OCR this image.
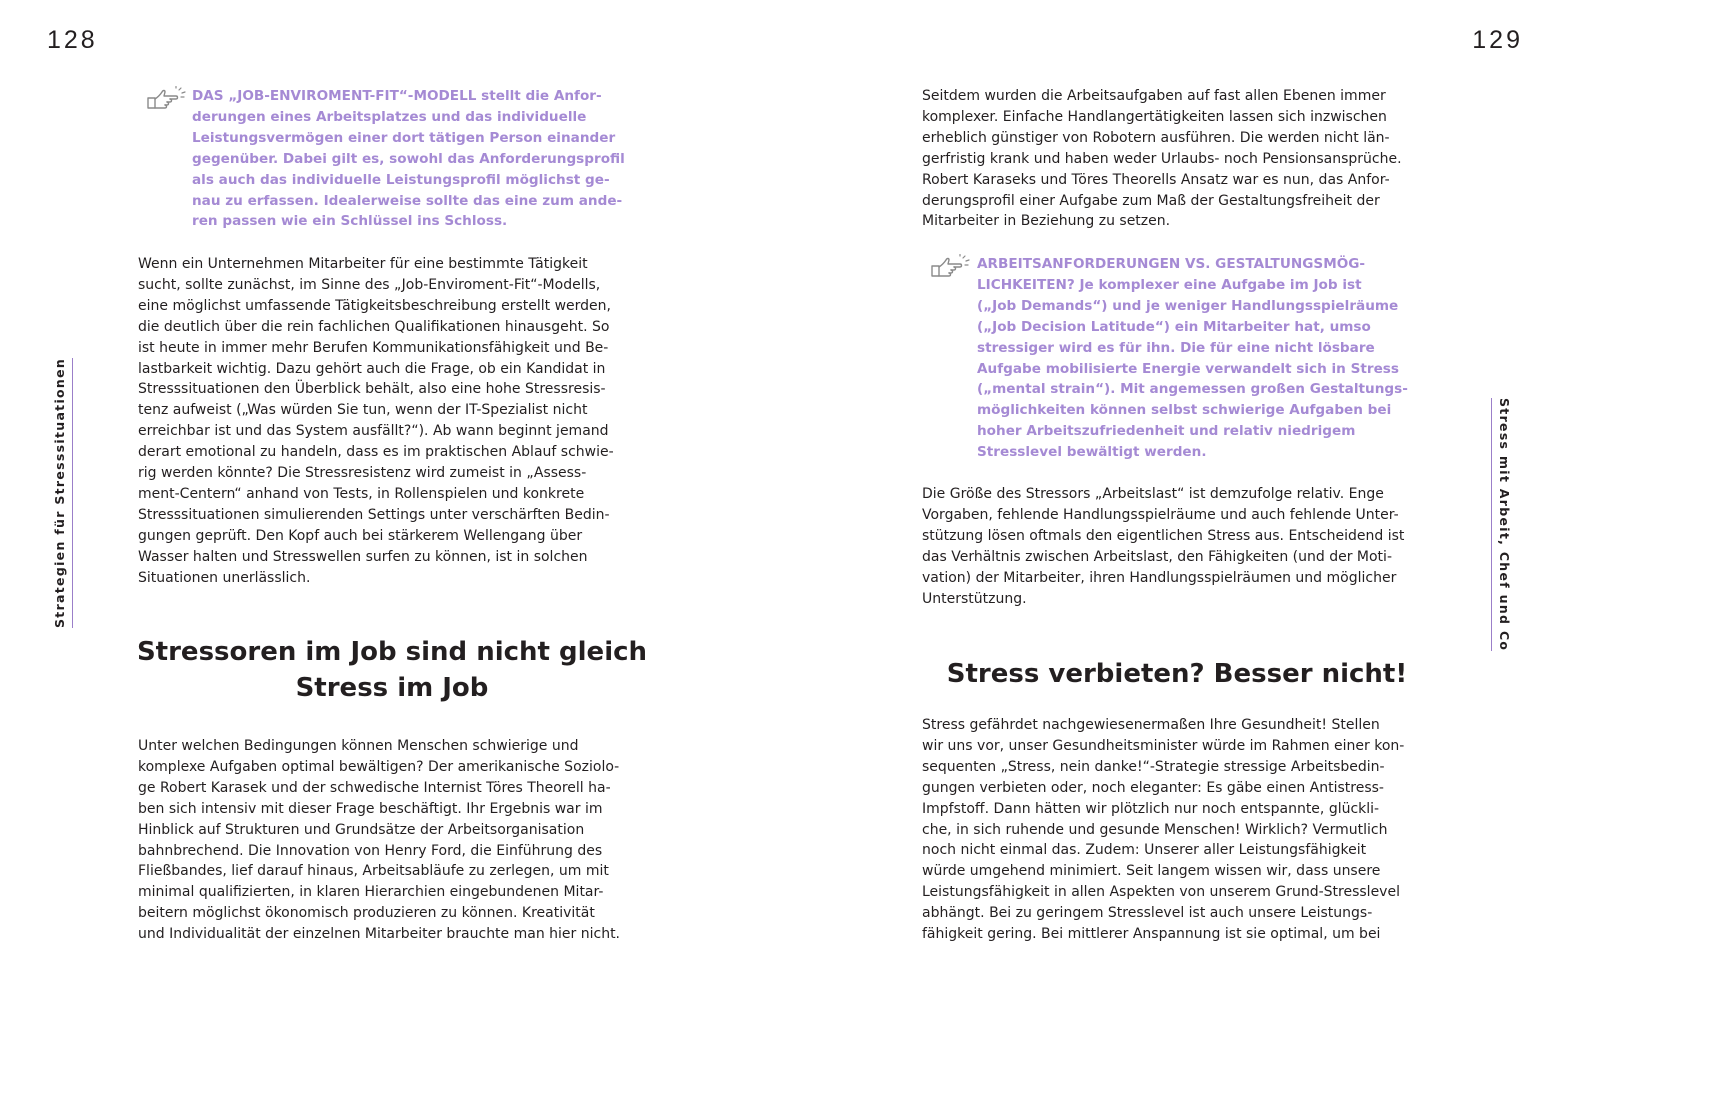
128
Strategien für Stresssituationen

DAS „JOB-ENVIROMENT-FIT“-MODELL stellt die Anfor-
derungen eines Arbeitsplatzes und das individuelle
Leistungsvermögen einer dort tätigen Person einander
gegenüber. Dabei gilt es, sowohl das Anforderungsprofil
als auch das individuelle Leistungsprofil möglichst ge-
nau zu erfassen. Idealerweise sollte das eine zum ande-
ren passen wie ein Schlüssel ins Schloss.

Wenn ein Unternehmen Mitarbeiter für eine bestimmte Tätigkeit
sucht, sollte zunächst, im Sinne des „Job-Enviroment-Fit“-Modells,
eine möglichst umfassende Tätigkeitsbeschreibung erstellt werden,
die deutlich über die rein fachlichen Qualifikationen hinausgeht. So
ist heute in immer mehr Berufen Kommunikationsfähigkeit und Be-
lastbarkeit wichtig. Dazu gehört auch die Frage, ob ein Kandidat in
Stresssituationen den Überblick behält, also eine hohe Stressresis-
tenz aufweist („Was würden Sie tun, wenn der IT-Spezialist nicht
erreichbar ist und das System ausfällt?“). Ab wann beginnt jemand
derart emotional zu handeln, dass es im praktischen Ablauf schwie-
rig werden könnte? Die Stressresistenz wird zumeist in „Assess-
ment-Centern“ anhand von Tests, in Rollenspielen und konkrete
Stresssituationen simulierenden Settings unter verschärften Bedin-
gungen geprüft. Den Kopf auch bei stärkerem Wellengang über
Wasser halten und Stresswellen surfen zu können, ist in solchen
Situationen unerlässlich.

Stressoren im Job sind nicht gleich
Stress im Job

Unter welchen Bedingungen können Menschen schwierige und
komplexe Aufgaben optimal bewältigen? Der amerikanische Soziolo-
ge Robert Karasek und der schwedische Internist Töres Theorell ha-
ben sich intensiv mit dieser Frage beschäftigt. Ihr Ergebnis war im
Hinblick auf Strukturen und Grundsätze der Arbeitsorganisation
bahnbrechend. Die Innovation von Henry Ford, die Einführung des
Fließbandes, lief darauf hinaus, Arbeitsabläufe zu zerlegen, um mit
minimal qualifizierten, in klaren Hierarchien eingebundenen Mitar-
beitern möglichst ökonomisch produzieren zu können. Kreativität
und Individualität der einzelnen Mitarbeiter brauchte man hier nicht.

129
Stress mit Arbeit, Chef und Co

Seitdem wurden die Arbeitsaufgaben auf fast allen Ebenen immer
komplexer. Einfache Handlangertätigkeiten lassen sich inzwischen
erheblich günstiger von Robotern ausführen. Die werden nicht län-
gerfristig krank und haben weder Urlaubs- noch Pensionsansprüche.
Robert Karaseks und Töres Theorells Ansatz war es nun, das Anfor-
derungsprofil einer Aufgabe zum Maß der Gestaltungsfreiheit der
Mitarbeiter in Beziehung zu setzen.

ARBEITSANFORDERUNGEN VS. GESTALTUNGSMÖG-
LICHKEITEN? Je komplexer eine Aufgabe im Job ist
(„Job Demands“) und je weniger Handlungsspielräume
(„Job Decision Latitude“) ein Mitarbeiter hat, umso
stressiger wird es für ihn. Die für eine nicht lösbare
Aufgabe mobilisierte Energie verwandelt sich in Stress
(„mental strain“). Mit angemessen großen Gestaltungs-
möglichkeiten können selbst schwierige Aufgaben bei
hoher Arbeitszufriedenheit und relativ niedrigem
Stresslevel bewältigt werden.

Die Größe des Stressors „Arbeitslast“ ist demzufolge relativ. Enge
Vorgaben, fehlende Handlungsspielräume und auch fehlende Unter-
stützung lösen oftmals den eigentlichen Stress aus. Entscheidend ist
das Verhältnis zwischen Arbeitslast, den Fähigkeiten (und der Moti-
vation) der Mitarbeiter, ihren Handlungsspielräumen und möglicher
Unterstützung.

Stress verbieten? Besser nicht!

Stress gefährdet nachgewiesenermaßen Ihre Gesundheit! Stellen
wir uns vor, unser Gesundheitsminister würde im Rahmen einer kon-
sequenten „Stress, nein danke!“-Strategie stressige Arbeitsbedin-
gungen verbieten oder, noch eleganter: Es gäbe einen Antistress-
Impfstoff. Dann hätten wir plötzlich nur noch entspannte, glückli-
che, in sich ruhende und gesunde Menschen! Wirklich? Vermutlich
noch nicht einmal das. Zudem: Unserer aller Leistungsfähigkeit
würde umgehend minimiert. Seit langem wissen wir, dass unsere
Leistungsfähigkeit in allen Aspekten von unserem Grund-Stresslevel
abhängt. Bei zu geringem Stresslevel ist auch unsere Leistungs-
fähigkeit gering. Bei mittlerer Anspannung ist sie optimal, um bei
